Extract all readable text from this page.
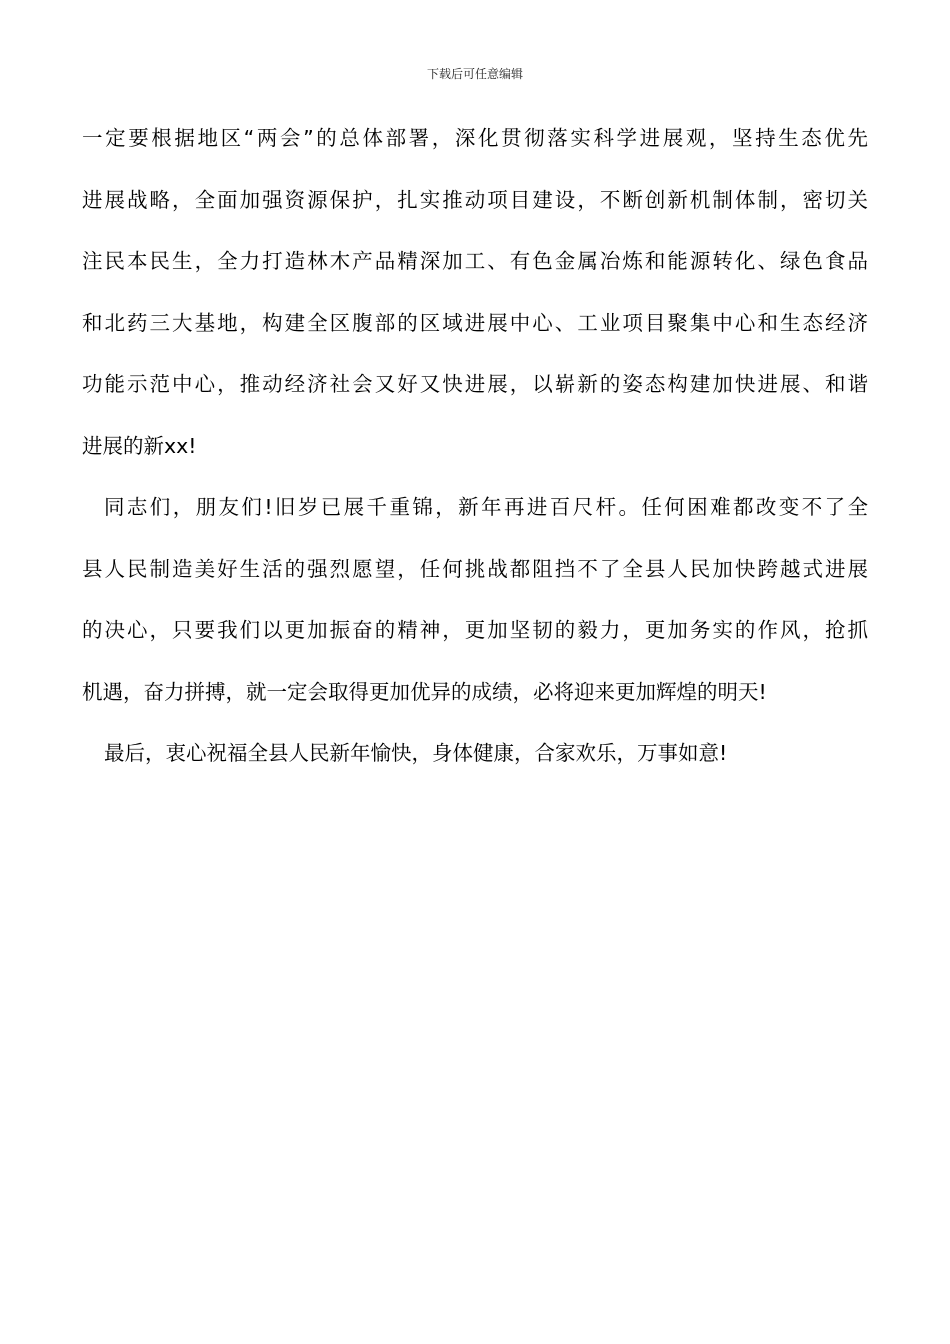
下载后可任意编辑
一定要根据地区“两会”的总体部署，深化贯彻落实科学进展观，坚持生态优先
进展战略，全面加强资源保护，扎实推动项目建设，不断创新机制体制，密切关
注民本民生，全力打造林木产品精深加工、有色金属冶炼和能源转化、绿色食品
和北药三大基地，构建全区腹部的区域进展中心、工业项目聚集中心和生态经济
功能示范中心，推动经济社会又好又快进展，以崭新的姿态构建加快进展、和谐
进展的新xx!
同志们，朋友们!旧岁已展千重锦，新年再进百尺杆。任何困难都改变不了全
县人民制造美好生活的强烈愿望，任何挑战都阻挡不了全县人民加快跨越式进展
的决心，只要我们以更加振奋的精神，更加坚韧的毅力，更加务实的作风，抢抓
机遇，奋力拼搏，就一定会取得更加优异的成绩，必将迎来更加辉煌的明天!
最后，衷心祝福全县人民新年愉快，身体健康，合家欢乐，万事如意!
